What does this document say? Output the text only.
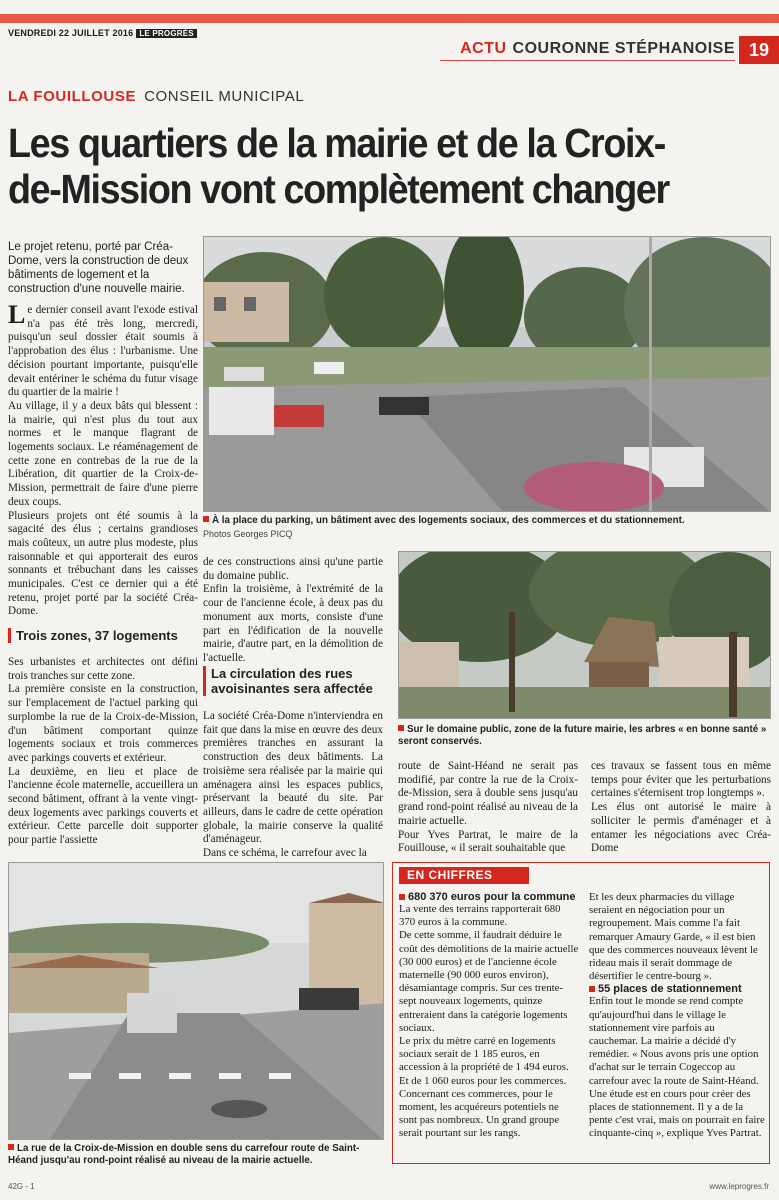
VENDREDI 22 JUILLET 2016 LE PROGRÈS
ACTU COURONNE STÉPHANOISE 19
LA FOUILLOUSE CONSEIL MUNICIPAL
Les quartiers de la mairie et de la Croix-
de-Mission vont complètement changer
Le projet retenu, porté par Créa-Dome, vers la construction de deux bâtiments de logement et la construction d'une nouvelle mairie.

Le dernier conseil avant l'exode estival n'a pas été très long, mercredi, puisqu'un seul dossier était soumis à l'approbation des élus : l'urbanisme. Une décision pourtant importante, puisqu'elle devait entériner le schéma du futur visage du quartier de la mairie !

Au village, il y a deux bâts qui blessent : la mairie, qui n'est plus du tout aux normes et le manque flagrant de logements sociaux. Le réaménagement de cette zone en contrebas de la rue de la Libération, dit quartier de la Croix-de-Mission, permettrait de faire d'une pierre deux coups.

Plusieurs projets ont été soumis à la sagacité des élus ; certains grandioses mais coûteux, un autre plus modeste, plus raisonnable et qui apporterait des euros sonnants et trébuchant dans les caisses municipales. C'est ce dernier qui a été retenu, projet porté par la société Créa-Dome.

Trois zones, 37 logements

Ses urbanistes et architectes ont défini trois tranches sur cette zone.

La première consiste en la construction, sur l'emplacement de l'actuel parking qui surplombe la rue de la Croix-de-Mission, d'un bâtiment comportant quinze logements sociaux et trois commerces avec parkings couverts et extérieur.

La deuxième, en lieu et place de l'ancienne école maternelle, accueillera un second bâtiment, offrant à la vente vingt-deux logements avec parkings couverts et extérieur. Cette parcelle doit supporter pour partie l'assiette

À la place du parking, un bâtiment avec des logements sociaux, des commerces et du stationnement.
Photos Georges PICQ

de ces constructions ainsi qu'une partie du domaine public.

Enfin la troisième, à l'extrémité de la cour de l'ancienne école, à deux pas du monument aux morts, consiste d'une part en l'édification de la nouvelle mairie, d'autre part, en la démolition de l'actuelle.

La circulation des rues
avoisinantes sera affectée

La société Créa-Dome n'interviendra en fait que dans la mise en œuvre des deux premières tranches en assurant la construction des deux bâtiments. La troisième sera réalisée par la mairie qui aménagera ainsi les espaces publics, préservant la beauté du site. Par ailleurs, dans le cadre de cette opération globale, la mairie conserve la qualité d'aménageur.

Dans ce schéma, le carrefour avec la

Sur le domaine public, zone de la future mairie, les arbres « en bonne santé » seront conservés.

route de Saint-Héand ne serait pas modifié, par contre la rue de la Croix-de-Mission, sera à double sens jusqu'au grand rond-point réalisé au niveau de la mairie actuelle.

Pour Yves Partrat, le maire de la Fouillouse, « il serait souhaitable que

ces travaux se fassent tous en même temps pour éviter que les perturbations certaines s'éternisent trop longtemps ».

Les élus ont autorisé le maire à solliciter le permis d'aménager et à entamer les négociations avec Créa-Dome

La rue de la Croix-de-Mission en double sens du carrefour route de Saint-Héand jusqu'au rond-point réalisé au niveau de la mairie actuelle.
EN CHIFFRES
680 370 euros pour la commune

La vente des terrains rapporterait 680 370 euros à la commune.

De cette somme, il faudrait déduire le coût des démolitions de la mairie actuelle (30 000 euros) et de l'ancienne école maternelle (90 000 euros environ), désamiantage compris. Sur ces trente-sept nouveaux logements, quinze entreraient dans la catégorie logements sociaux.

Le prix du mètre carré en logements sociaux serait de 1 185 euros, en accession à la propriété de 1 494 euros. Et de 1 060 euros pour les commerces.

Concernant ces commerces, pour le moment, les acquéreurs potentiels ne sont pas nombreux. Un grand groupe serait pourtant sur les rangs.

Et les deux pharmacies du village seraient en négociation pour un regroupement. Mais comme l'a fait remarquer Amaury Garde, « il est bien que des commerces nouveaux lèvent le rideau mais il serait dommage de désertifier le centre-bourg ».

55 places de stationnement

Enfin tout le monde se rend compte qu'aujourd'hui dans le village le stationnement vire parfois au cauchemar. La mairie a décidé d'y remédier. « Nous avons pris une option d'achat sur le terrain Cogeccop au carrefour avec la route de Saint-Héand. Une étude est en cours pour créer des places de stationnement. Il y a de la pente c'est vrai, mais on pourrait en faire cinquante-cinq », explique Yves Partrat.

42G - 1	www.leprogres.fr
